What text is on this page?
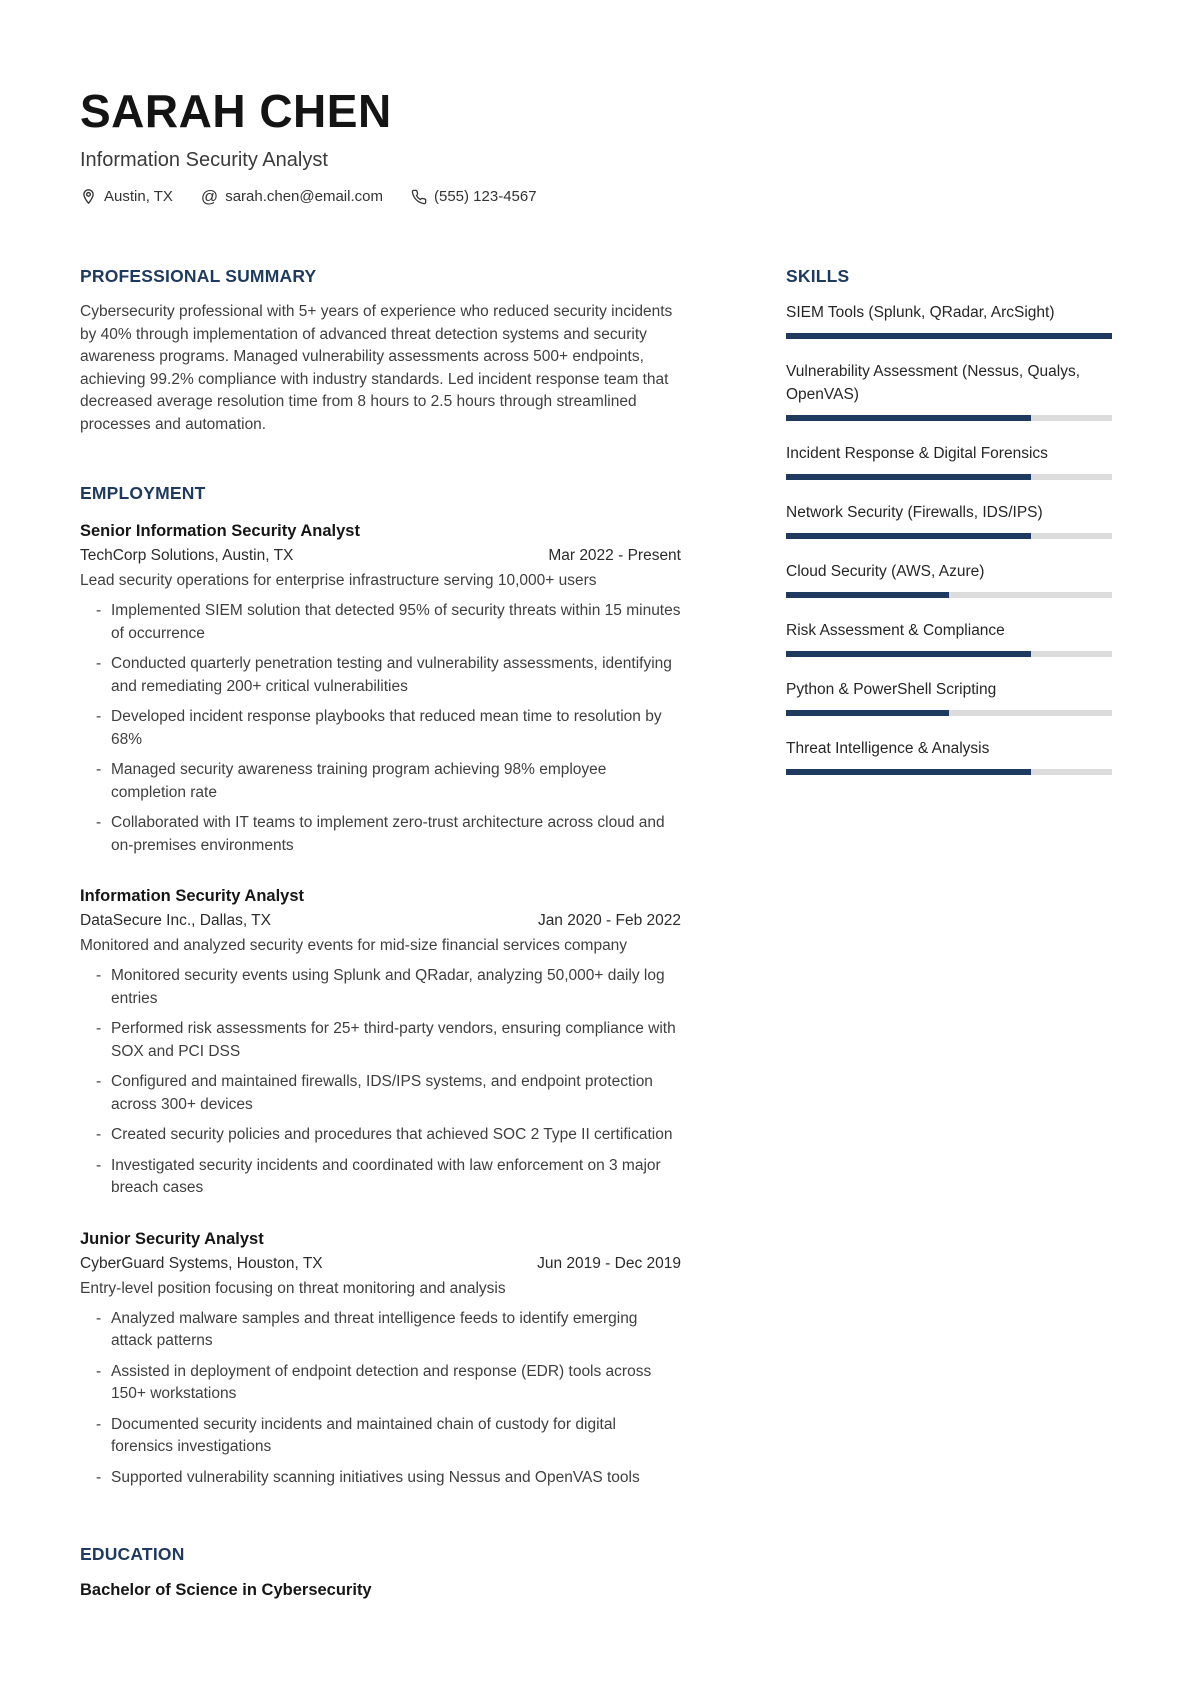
SARAH CHEN
Information Security Analyst
Austin, TX @ sarah.chen@email.com	(555) 123-4567
PROFESSIONAL SUMMARY

Cybersecurity professional with 5+ years of experience who reduced security incidents by 40% through implementation of advanced threat detection systems and security awareness programs. Managed vulnerability assessments across 500+ endpoints, achieving 99.2% compliance with industry standards. Led incident response team that decreased average resolution time from 8 hours to 2.5 hours through streamlined processes and automation.

EMPLOYMENT
Senior Information Security Analyst
TechCorp Solutions, Austin, TX	Mar 2022 - Present
Lead security operations for enterprise infrastructure serving 10,000+ users
- Implemented SIEM solution that detected 95% of security threats within 15 minutes of occurrence
- Conducted quarterly penetration testing and vulnerability assessments, identifying and remediating 200+ critical vulnerabilities
- Developed incident response playbooks that reduced mean time to resolution by 68%
- Managed security awareness training program achieving 98% employee completion rate
- Collaborated with IT teams to implement zero-trust architecture across cloud and on-premises environments
Information Security Analyst
DataSecure Inc., Dallas, TX	Jan 2020 - Feb 2022
Monitored and analyzed security events for mid-size financial services company
- Monitored security events using Splunk and QRadar, analyzing 50,000+ daily log entries
- Performed risk assessments for 25+ third-party vendors, ensuring compliance with SOX and PCI DSS
- Configured and maintained firewalls, IDS/IPS systems, and endpoint protection across 300+ devices
- Created security policies and procedures that achieved SOC 2 Type II certification
- Investigated security incidents and coordinated with law enforcement on 3 major breach cases
Junior Security Analyst
CyberGuard Systems, Houston, TX	Jun 2019 - Dec 2019
Entry-level position focusing on threat monitoring and analysis
- Analyzed malware samples and threat intelligence feeds to identify emerging attack patterns
- Assisted in deployment of endpoint detection and response (EDR) tools across 150+ workstations
- Documented security incidents and maintained chain of custody for digital forensics investigations
- Supported vulnerability scanning initiatives using Nessus and OpenVAS tools
EDUCATION
Bachelor of Science in Cybersecurity
SKILLS
SIEM Tools (Splunk, QRadar, ArcSight)
Vulnerability Assessment (Nessus, Qualys, OpenVAS)
Incident Response & Digital Forensics
Network Security (Firewalls, IDS/IPS)
Cloud Security (AWS, Azure)
Risk Assessment & Compliance
Python & PowerShell Scripting
Threat Intelligence & Analysis
